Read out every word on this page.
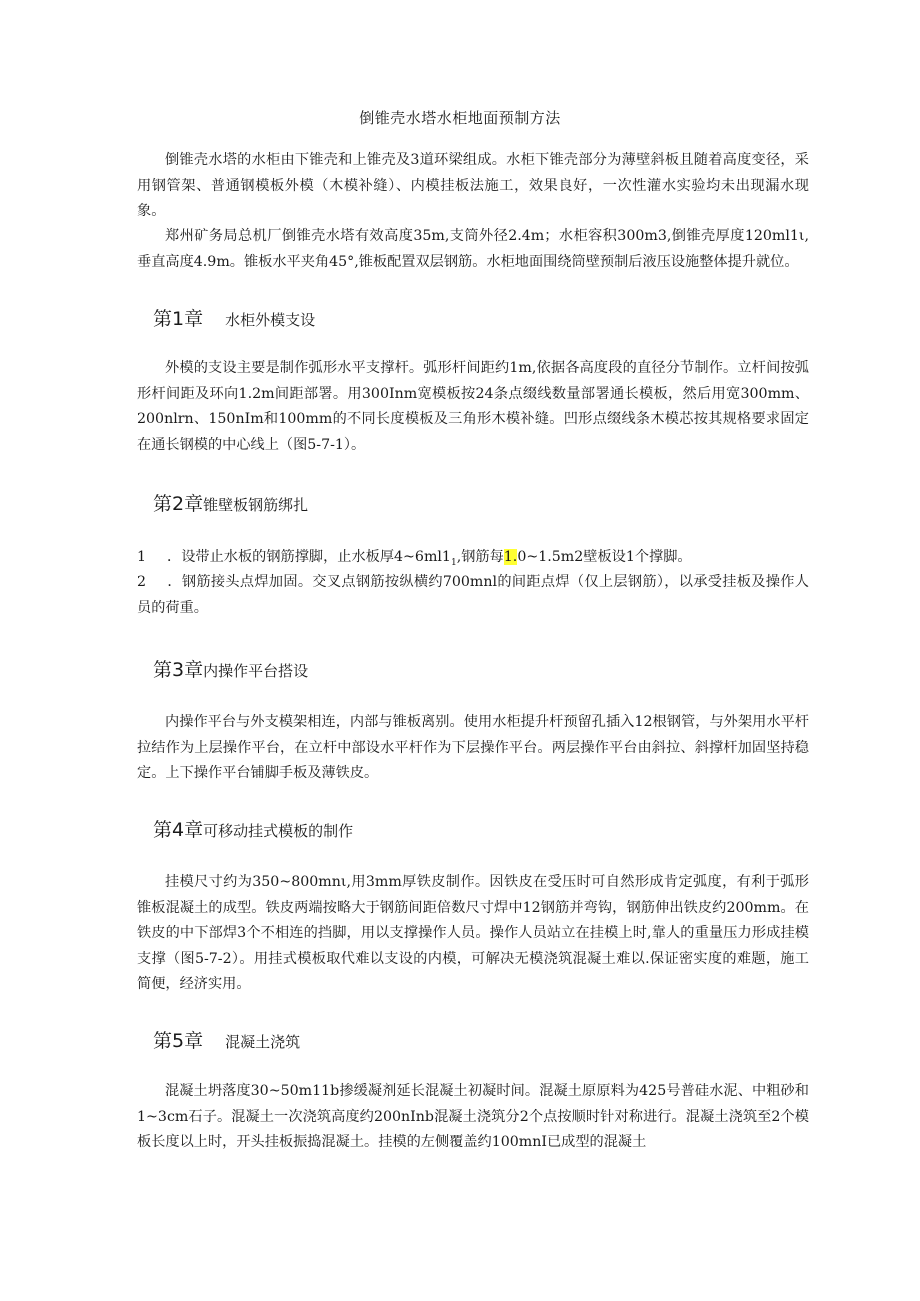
倒锥壳水塔水柜地面预制方法

倒锥壳水塔的水柜由下锥壳和上锥壳及3道环梁组成。水柜下锥壳部分为薄壁斜板且随着高度变径，采用钢管架、普通钢模板外模（木模补缝）、内模挂板法施工，效果良好，一次性灌水实验均未出现漏水现象。

郑州矿务局总机厂倒锥壳水塔有效高度35m,支筒外径2.4m；水柜容积300m3,倒锥壳厚度120ml1ι,垂直高度4.9m。锥板水平夹角45°,锥板配置双层钢筋。水柜地面围绕筒壁预制后液压设施整体提升就位。

第1章 水柜外模支设

外模的支设主要是制作弧形水平支撑杆。弧形杆间距约1m,依据各高度段的直径分节制作。立杆间按弧形杆间距及环向1.2m间距部署。用300Inm宽模板按24条点缀线数量部署通长模板，然后用宽300mm、200nlrn、150nIm和100mm的不同长度模板及三角形木模补缝。凹形点缀线条木模芯按其规格要求固定在通长钢模的中心线上（图5-7-1）。

第2章锥壁板钢筋绑扎

1 ．设带止水板的钢筋撑脚，止水板厚$4\sim 6ml1_1$,钢筋每1.0~1.5m2壁板设1个撑脚。

2 ．钢筋接头点焊加固。交叉点钢筋按纵横约700mnl的间距点焊（仅上层钢筋），以承受挂板及操作人员的荷重。

第3章内操作平台搭设

内操作平台与外支模架相连，内部与锥板离别。使用水柜提升杆预留孔插入12根钢管，与外架用水平杆拉结作为上层操作平台，在立杆中部设水平杆作为下层操作平台。两层操作平台由斜拉、斜撑杆加固坚持稳定。上下操作平台铺脚手板及薄铁皮。

第4章可移动挂式模板的制作

挂模尺寸约为350~800mnι,用3mm厚铁皮制作。因铁皮在受压时可自然形成肯定弧度，有利于弧形锥板混凝土的成型。铁皮两端按略大于钢筋间距倍数尺寸焊中12钢筋并弯钩，钢筋伸出铁皮约200mm。在铁皮的中下部焊3个不相连的挡脚，用以支撑操作人员。操作人员站立在挂模上时,靠人的重量压力形成挂模支撑（图5-7-2）。用挂式模板取代难以支设的内模，可解决无模浇筑混凝土难以.保证密实度的难题，施工简便，经济实用。

第5章 混凝土浇筑

混凝土坍落度30~50m11b掺缓凝剂延长混凝土初凝时间。混凝土原原料为425号普硅水泥、中粗砂和1~3cm石子。混凝土一次浇筑高度约200nInb混凝土浇筑分2个点按顺时针对称进行。混凝土浇筑至2个模板长度以上时，开头挂板振捣混凝土。挂模的左侧覆盖约100mnI已成型的混凝土
